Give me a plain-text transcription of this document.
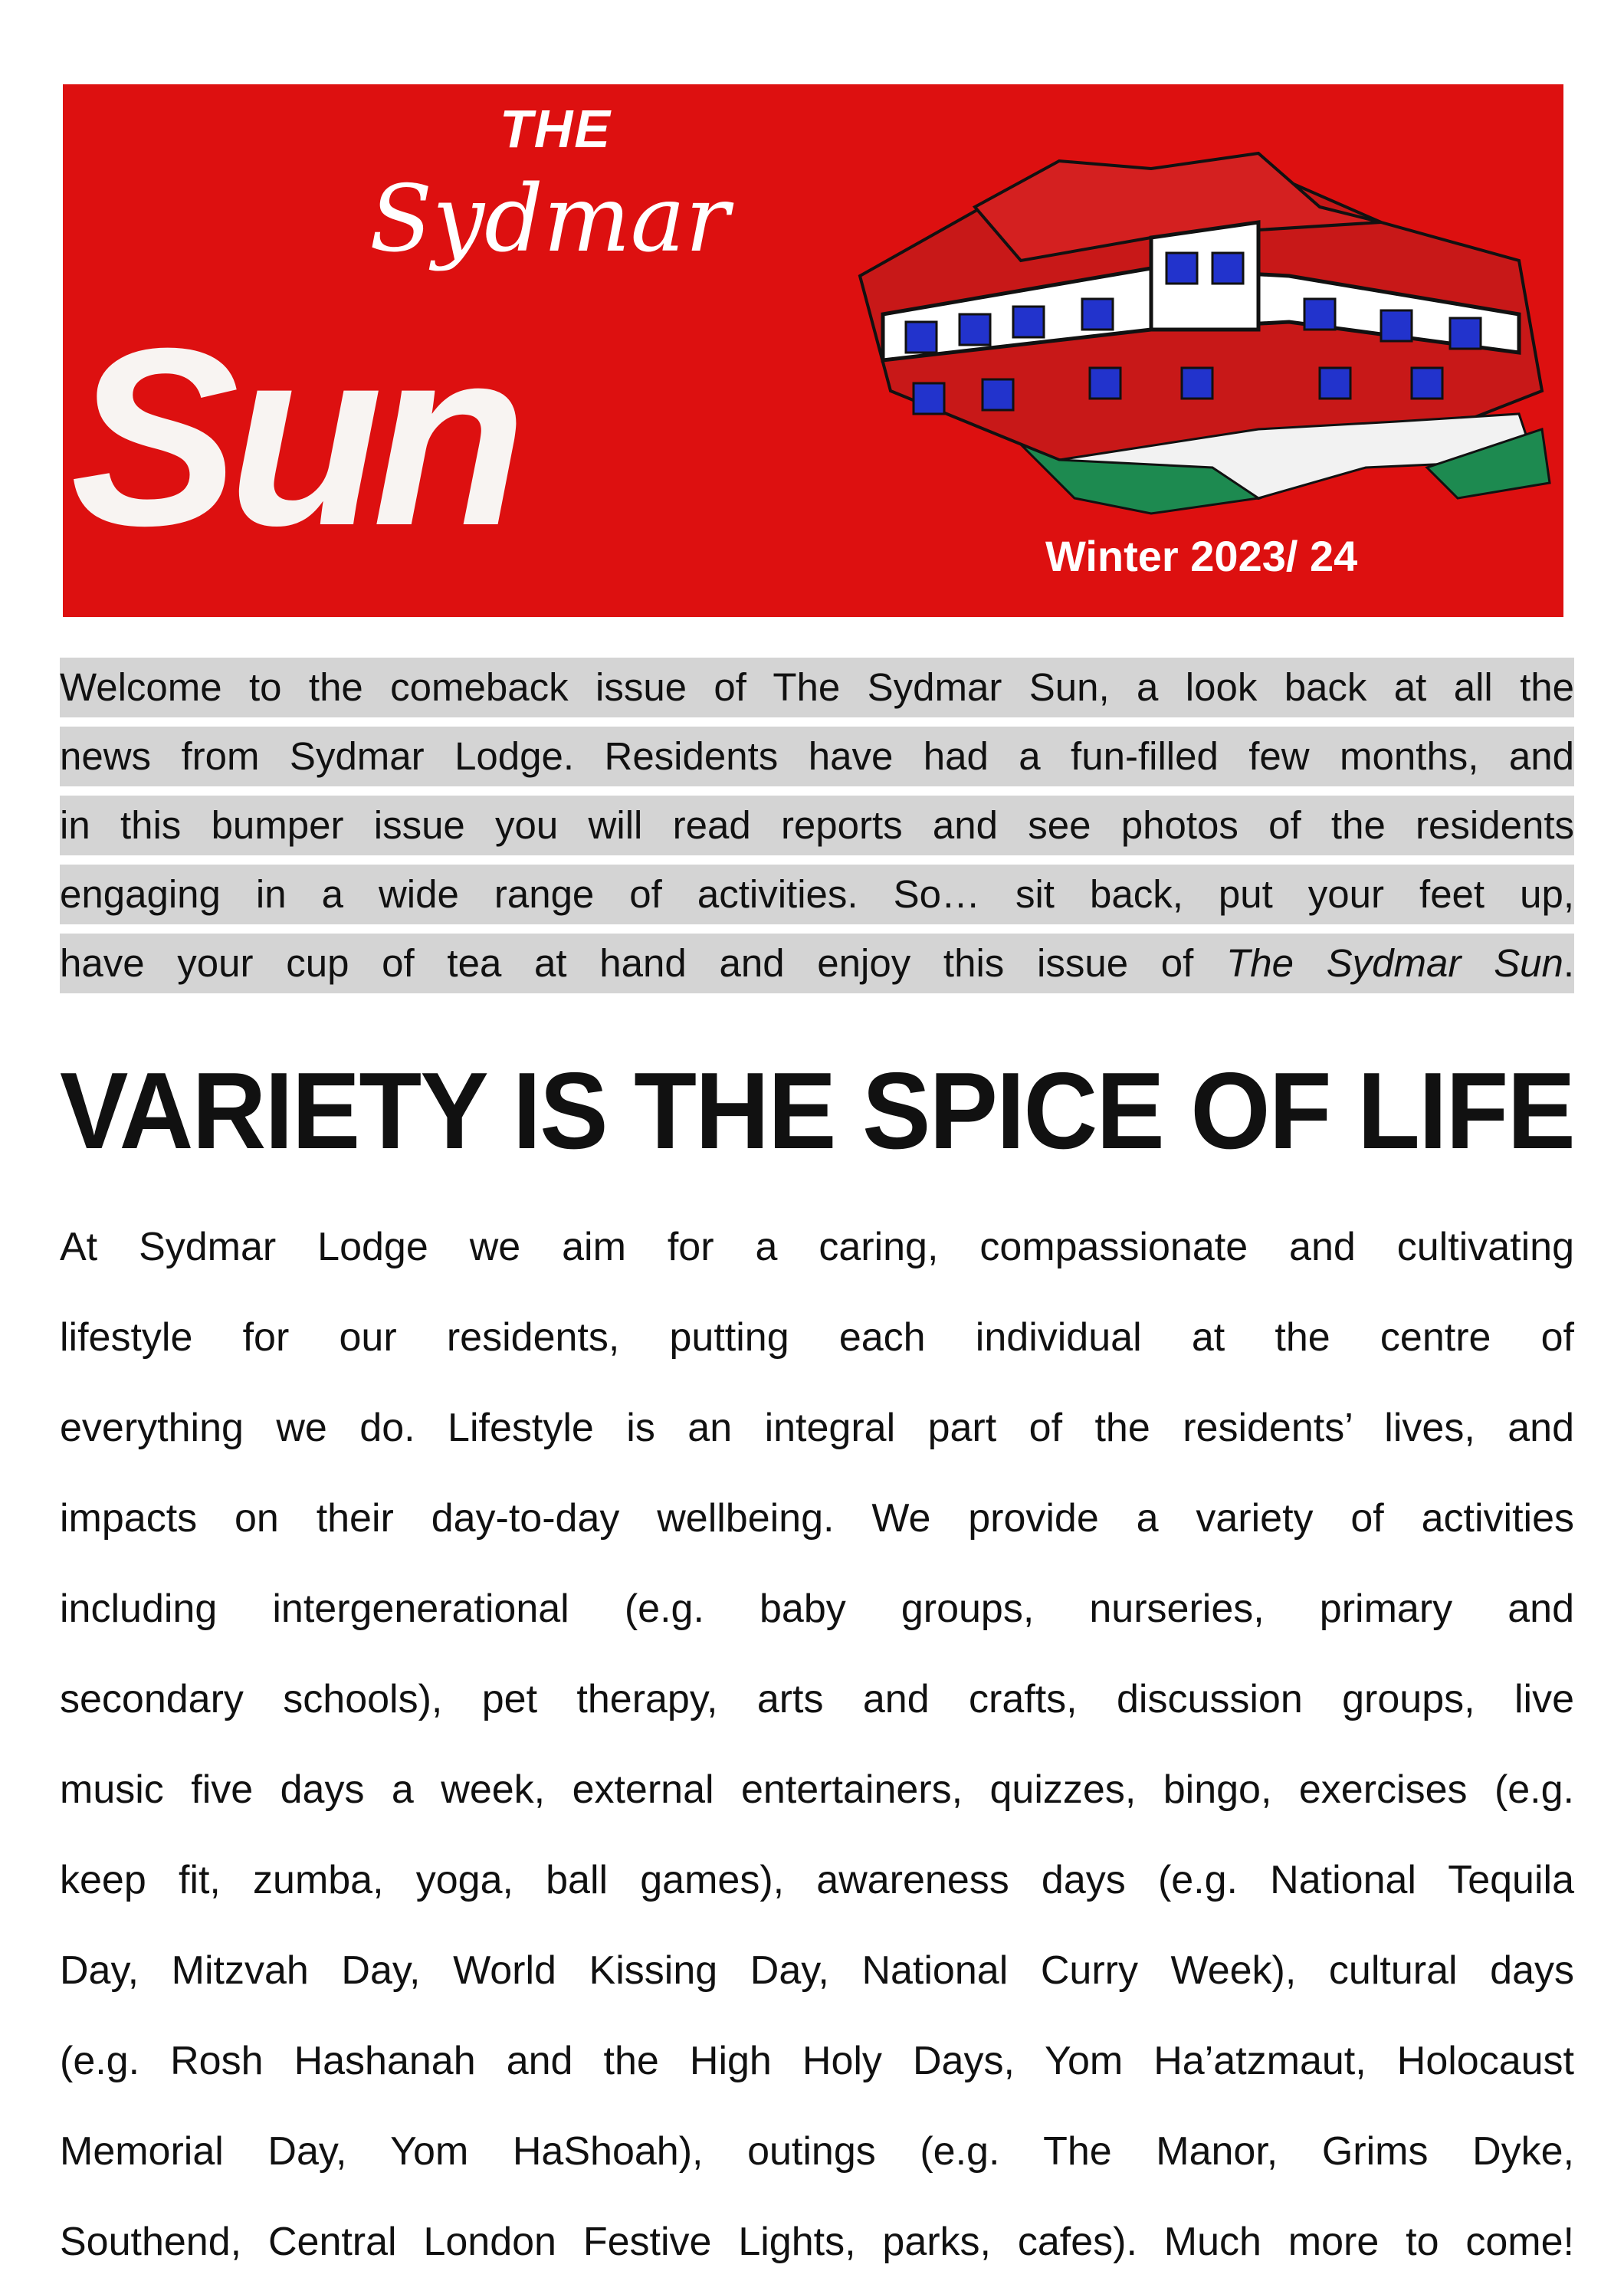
THE
Sydmar
Sun	Winter 2023/ 24
Welcome to the comeback issue of The Sydmar Sun, a look back at all the
news from Sydmar Lodge. Residents have had a fun-filled few months, and
in this bumper issue you will read reports and see photos of the residents
engaging in a wide range of activities. So… sit back, put your feet up,
have your cup of tea at hand and enjoy this issue of The Sydmar Sun.
VARIETY IS THE SPICE OF LIFE
At Sydmar Lodge we aim for a caring, compassionate and cultivating
lifestyle for our residents, putting each individual at the centre of
everything we do. Lifestyle is an integral part of the residents’ lives, and
impacts on their day-to-day wellbeing. We provide a variety of activities
including intergenerational (e.g. baby groups, nurseries, primary and
secondary schools), pet therapy, arts and crafts, discussion groups, live
music five days a week, external entertainers, quizzes, bingo, exercises (e.g.
keep fit, zumba, yoga, ball games), awareness days (e.g. National Tequila
Day, Mitzvah Day, World Kissing Day, National Curry Week), cultural days
(e.g. Rosh Hashanah and the High Holy Days, Yom Ha’atzmaut, Holocaust
Memorial Day, Yom HaShoah), outings (e.g. The Manor, Grims Dyke,
Southend, Central London Festive Lights, parks, cafes). Much more to come!
